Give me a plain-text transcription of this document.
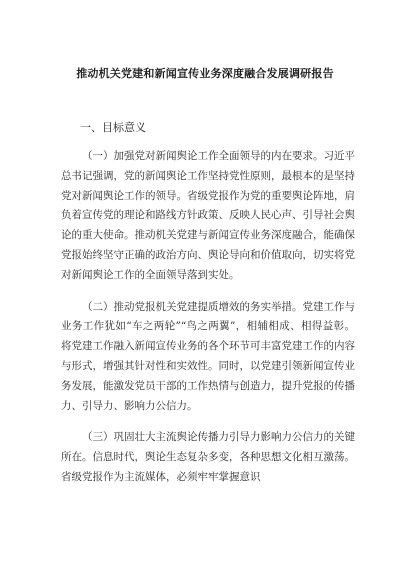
推动机关党建和新闻宣传业务深度融合发展调研报告

一、目标意义

（一）加强党对新闻舆论工作全面领导的内在要求。习近平总书记强调，党的新闻舆论工作坚持党性原则，最根本的是坚持党对新闻舆论工作的领导。省级党报作为党的重要舆论阵地，肩负着宣传党的理论和路线方针政策、反映人民心声、引导社会舆论的重大使命。推动机关党建与新闻宣传业务深度融合，能确保党报始终坚守正确的政治方向、舆论导向和价值取向，切实将党对新闻舆论工作的全面领导落到实处。

（二）推动党报机关党建提质增效的务实举措。党建工作与业务工作犹如“车之两轮”“鸟之两翼”，相辅相成、相得益彰。将党建工作融入新闻宣传业务的各个环节可丰富党建工作的内容与形式，增强其针对性和实效性。同时，以党建引领新闻宣传业务发展，能激发党员干部的工作热情与创造力，提升党报的传播力、引导力、影响力公信力。

（三）巩固壮大主流舆论传播力引导力影响力公信力的关键所在。信息时代，舆论生态复杂多变，各种思想文化相互激荡。省级党报作为主流媒体，必须牢牢掌握意识
